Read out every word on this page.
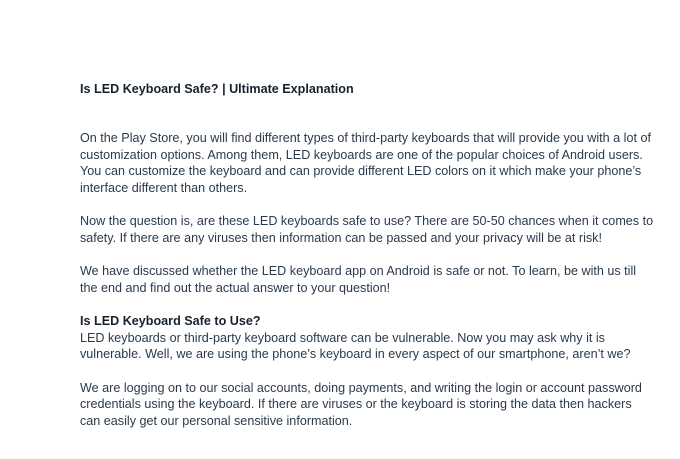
Is LED Keyboard Safe? | Ultimate Explanation

On the Play Store, you will find different types of third-party keyboards that will provide you with a lot of customization options. Among them, LED keyboards are one of the popular choices of Android users. You can customize the keyboard and can provide different LED colors on it which make your phone’s interface different than others.

Now the question is, are these LED keyboards safe to use? There are 50-50 chances when it comes to safety. If there are any viruses then information can be passed and your privacy will be at risk!

We have discussed whether the LED keyboard app on Android is safe or not. To learn, be with us till the end and find out the actual answer to your question!

Is LED Keyboard Safe to Use?

LED keyboards or third-party keyboard software can be vulnerable. Now you may ask why it is vulnerable. Well, we are using the phone’s keyboard in every aspect of our smartphone, aren’t we?

We are logging on to our social accounts, doing payments, and writing the login or account password credentials using the keyboard. If there are viruses or the keyboard is storing the data then hackers can easily get our personal sensitive information.
